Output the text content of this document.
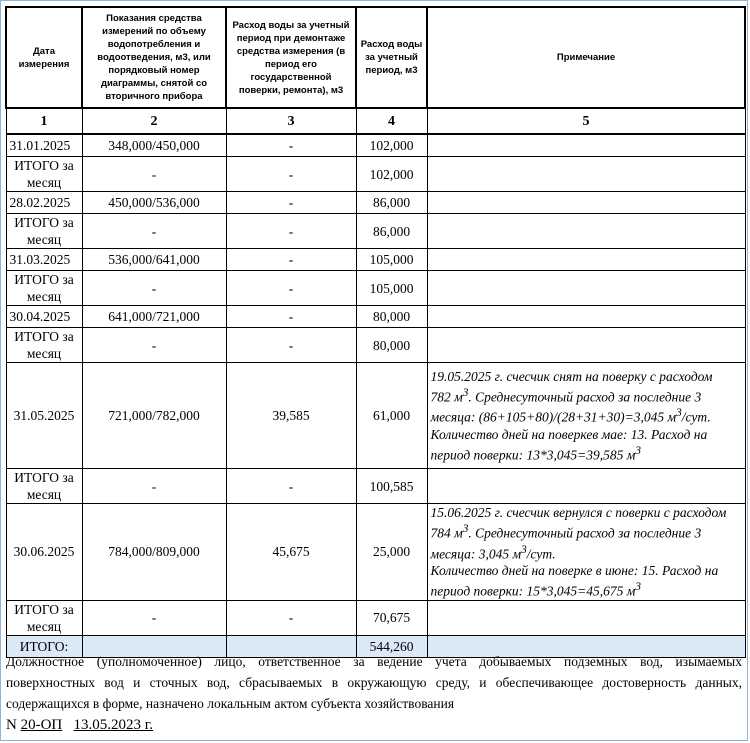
Дата измерения	Показания средства измерений по объему водопотребления и водоотведения, м3, или порядковый номер диаграммы, снятой со вторичного прибора	Расход воды за учетный период при демонтаже средства измерения (в период его государственной поверки, ремонта), м3	Расход воды за учетный период, м3	Примечание
1	2	3	4	5
31.01.2025	348,000/450,000	-	102,000	
ИТОГО за месяц	-	-	102,000	
28.02.2025	450,000/536,000	-	86,000	
ИТОГО за месяц	-	-	86,000	
31.03.2025	536,000/641,000	-	105,000	
ИТОГО за месяц	-	-	105,000	
30.04.2025	641,000/721,000	-	80,000	
ИТОГО за месяц	-	-	80,000	
31.05.2025	721,000/782,000	39,585	61,000	19.05.2025 г. счесчик снят на поверку с расходом
782 $м^3$. Среднесуточный расход за последние 3
месяца: (86+105+80)/(28+31+30)=3,045 $м^3$/сут.
Количество дней на поверкев мае: 13. Расход на
период поверки: 13*3,045=39,585 $м^3$
ИТОГО за месяц	-	-	100,585	
30.06.2025	784,000/809,000	45,675	25,000	15.06.2025 г. счесчик вернулся с поверки с расходом
784 $м^3$. Среднесуточный расход за последние 3
месяца: 3,045 $м^3$/сут.
Количество дней на поверке в июне: 15. Расход на
период поверки: 15*3,045=45,675 $м^3$
ИТОГО за месяц	-	-	70,675	
ИТОГО:			544,260	
Должностное (уполномоченное) лицо, ответственное за ведение учета добываемых подземных вод, изымаемых поверхностных вод и сточных вод, сбрасываемых в окружающую среду, и обеспечивающее достоверность данных, содержащихся в форме, назначено локальным актом субъекта хозяйствования
N 20-ОП 13.05.2023 г.
